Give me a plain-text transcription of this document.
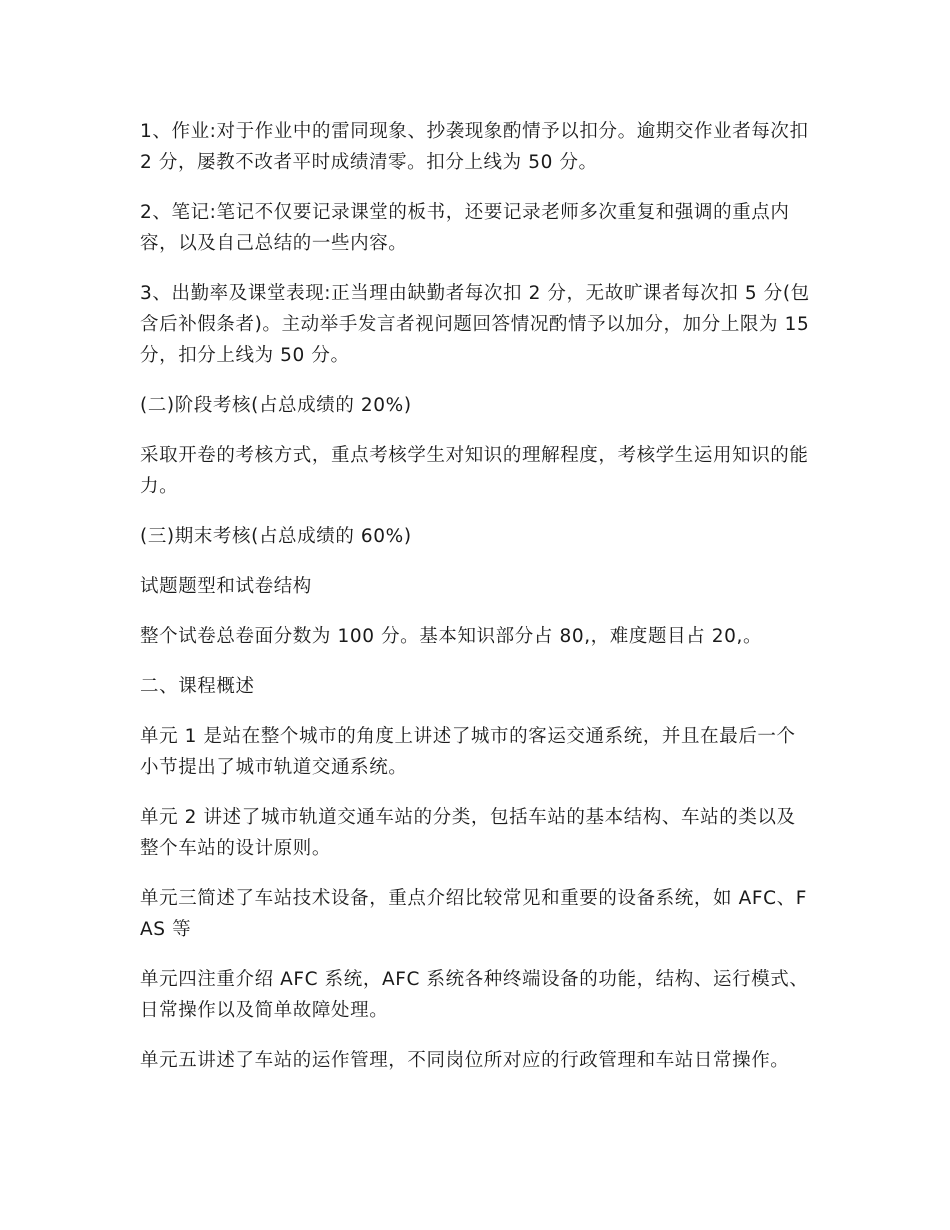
1、作业:对于作业中的雷同现象、抄袭现象酌情予以扣分。逾期交作业者每次扣 2 分，屡教不改者平时成绩清零。扣分上线为 50 分。

2、笔记:笔记不仅要记录课堂的板书，还要记录老师多次重复和强调的重点内容，以及自己总结的一些内容。

3、出勤率及课堂表现:正当理由缺勤者每次扣 2 分，无故旷课者每次扣 5 分(包含后补假条者)。主动举手发言者视问题回答情况酌情予以加分，加分上限为 15 分，扣分上线为 50 分。

(二)阶段考核(占总成绩的 20%)

采取开卷的考核方式，重点考核学生对知识的理解程度，考核学生运用知识的能力。

(三)期末考核(占总成绩的 60%)

试题题型和试卷结构

整个试卷总卷面分数为 100 分。基本知识部分占 80,，难度题目占 20,。

二、课程概述

单元 1 是站在整个城市的角度上讲述了城市的客运交通系统，并且在最后一个小节提出了城市轨道交通系统。

单元 2 讲述了城市轨道交通车站的分类，包括车站的基本结构、车站的类以及整个车站的设计原则。

单元三简述了车站技术设备，重点介绍比较常见和重要的设备系统，如 AFC、FAS 等

单元四注重介绍 AFC 系统，AFC 系统各种终端设备的功能，结构、运行模式、日常操作以及简单故障处理。

单元五讲述了车站的运作管理，不同岗位所对应的行政管理和车站日常操作。
